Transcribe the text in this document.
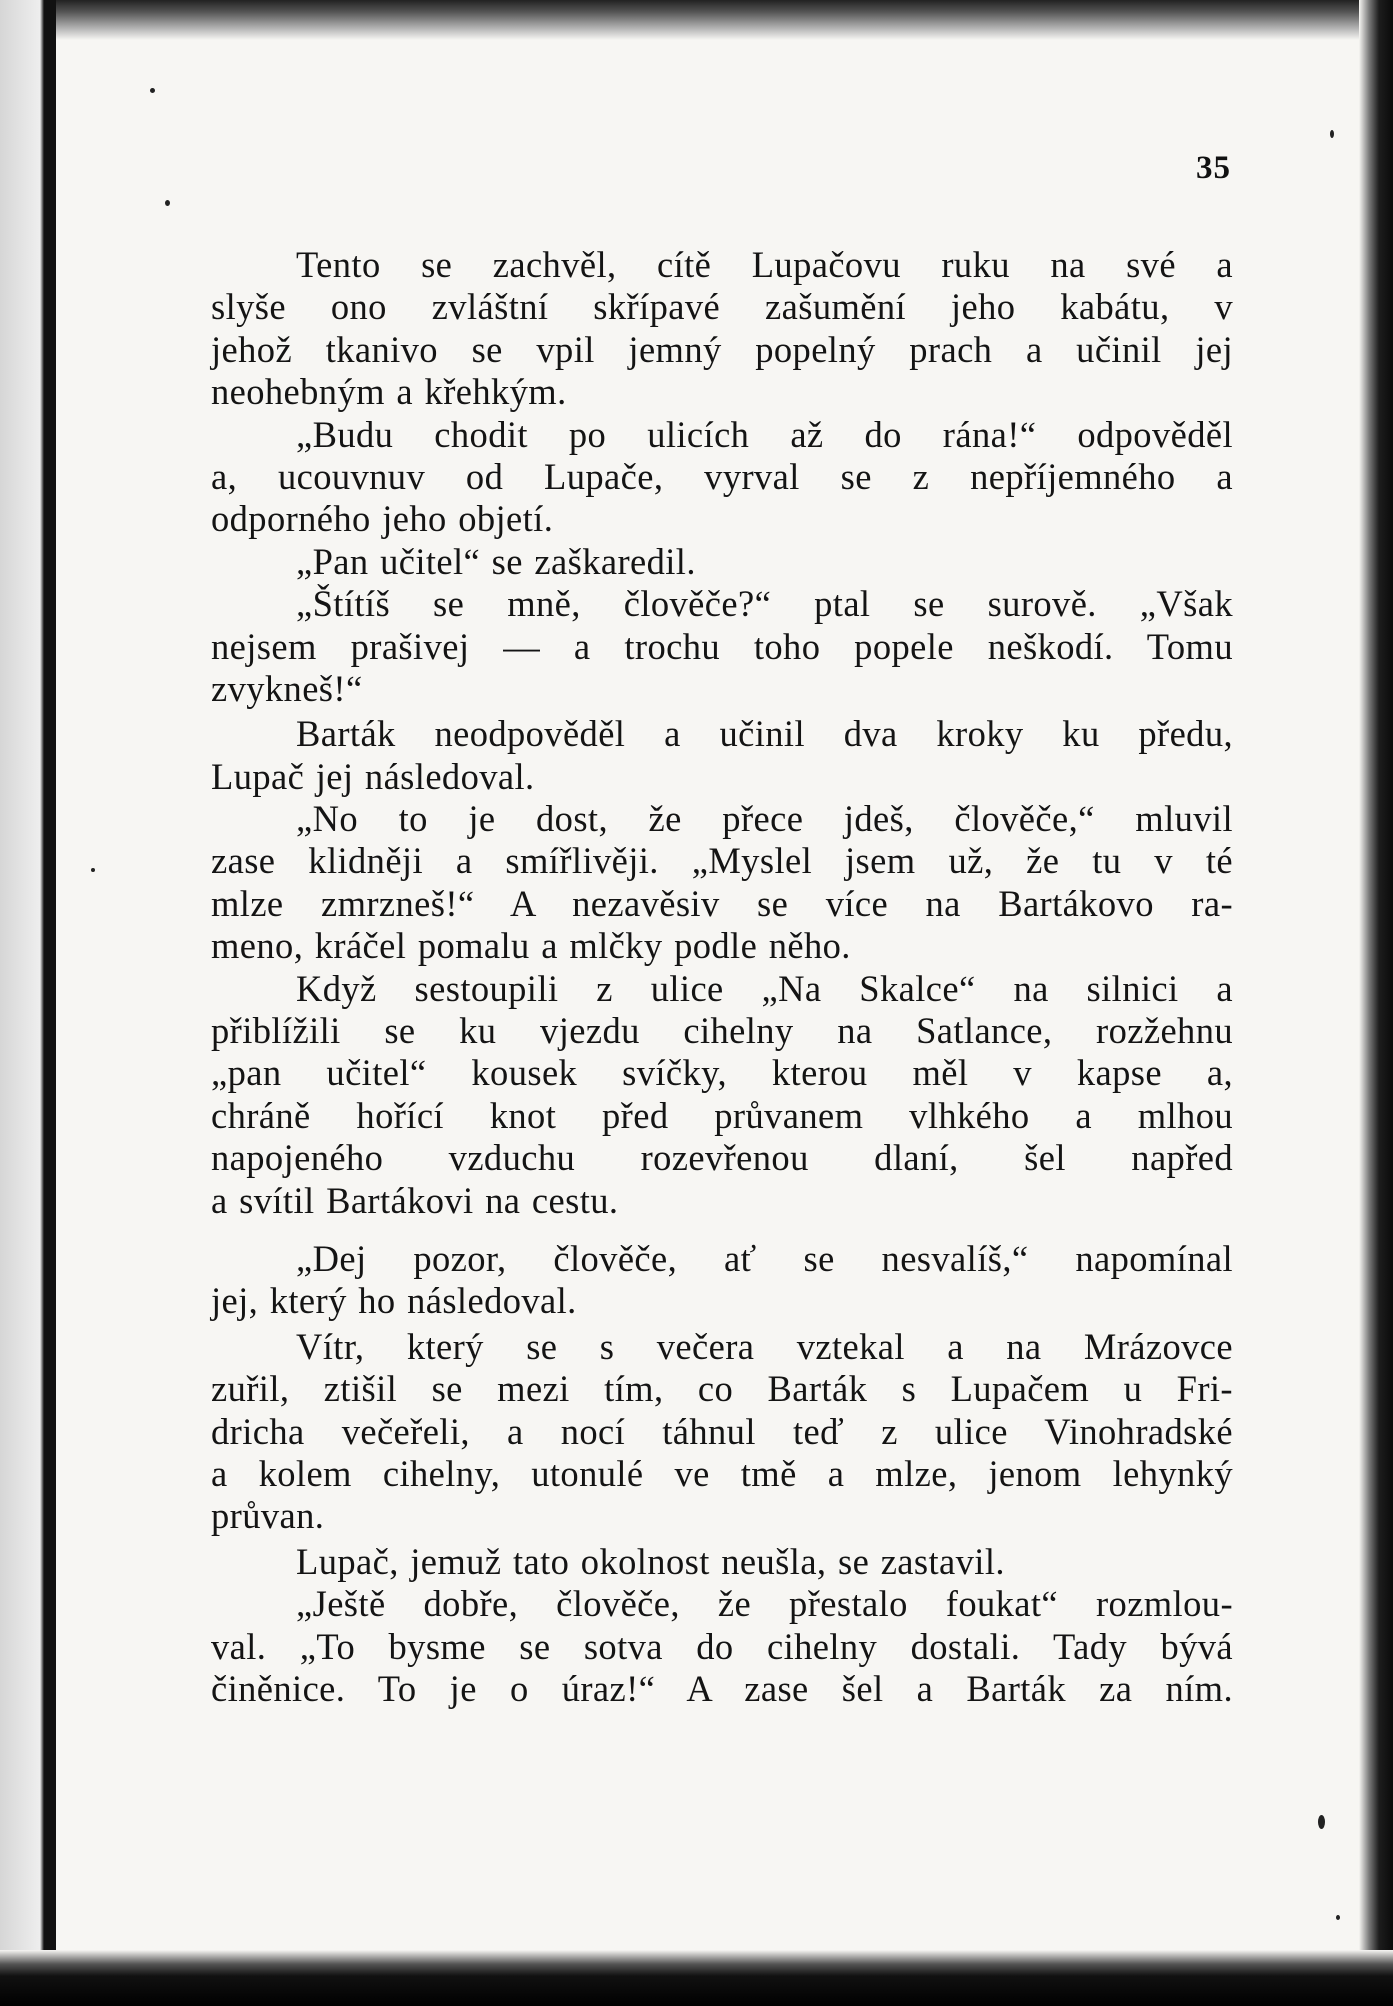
35
Tento se zachvěl, cítě Lupačovu ruku na své a
slyše ono zvláštní skřípavé zašumění jeho kabátu, v
jehož tkanivo se vpil jemný popelný prach a učinil jej
neohebným a křehkým.
„Budu chodit po ulicích až do rána!“ odpověděl
a, ucouvnuv od Lupače, vyrval se z nepříjemného a
odporného jeho objetí.
„Pan učitel“ se zaškaredil.
„Štítíš se mně, člověče?“ ptal se surově. „Však
nejsem prašivej — a trochu toho popele neškodí. Tomu
zvykneš!“
Barták neodpověděl a učinil dva kroky ku předu,
Lupač jej následoval.
„No to je dost, že přece jdeš, člověče,“ mluvil
zase klidněji a smířlivěji. „Myslel jsem už, že tu v té
mlze zmrzneš!“ A nezavěsiv se více na Bartákovo ra-
meno, kráčel pomalu a mlčky podle něho.
Když sestoupili z ulice „Na Skalce“ na silnici a
přiblížili se ku vjezdu cihelny na Satlance, rozžehnu
„pan učitel“ kousek svíčky, kterou měl v kapse a,
chráně hořící knot před průvanem vlhkého a mlhou
napojeného vzduchu rozevřenou dlaní, šel napřed
a svítil Bartákovi na cestu.
„Dej pozor, člověče, ať se nesvalíš,“ napomínal
jej, který ho následoval.
Vítr, který se s večera vztekal a na Mrázovce
zuřil, ztišil se mezi tím, co Barták s Lupačem u Fri-
dricha večeřeli, a nocí táhnul teď z ulice Vinohradské
a kolem cihelny, utonulé ve tmě a mlze, jenom lehynký
průvan.
Lupač, jemuž tato okolnost neušla, se zastavil.
„Ještě dobře, člověče, že přestalo foukat“ rozmlou-
val. „To bysme se sotva do cihelny dostali. Tady bývá
činěnice. To je o úraz!“ A zase šel a Barták za ním.
